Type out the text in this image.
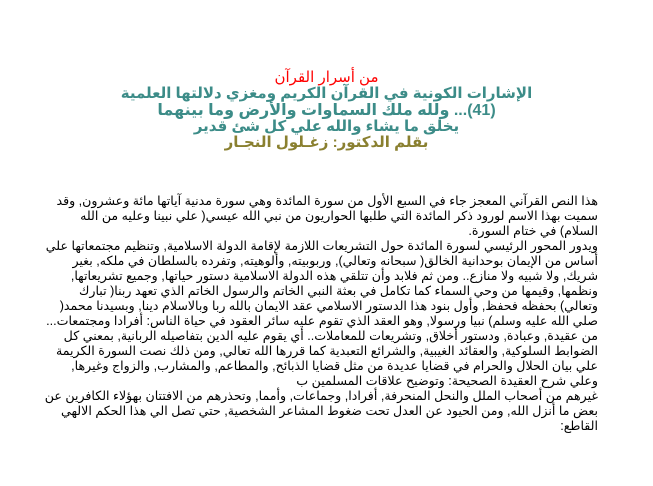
من أسرار القرآن
الإشارات الكونية في القرآن الكريم ومغزي دلالتها العلمية
(41)... ولله ملك السماوات والأرض وما بينهما
يخلق ما يشاء والله علي كل شئ قدير
بقلم الدكتور: زغـلول النجـار

هذا النص القرآني المعجز جاء في السبع الأول من سورة المائدة وهي سورة مدنية آياتها مائة وعشرون, وقد سميت بهذا الاسم لورود ذكر المائدة التي طلبها الحواريون من نبي الله عيسي( علي نبينا وعليه من الله السلام) في ختام السورة.

ويدور المحور الرئيسي لسورة المائدة حول التشريعات اللازمة لإقامة الدولة الاسلامية, وتنظيم مجتمعاتها علي أساس من الإيمان بوحدانية الخالق( سبحانه وتعالي), وربوبيته, وألوهيته, وتفرده بالسلطان في ملكه, بغير شريك, ولا شبيه ولا منازع.. ومن ثم فلابد وأن تتلقي هذه الدولة الاسلامية دستور حياتها, وجميع تشريعاتها, ونظمها, وقيمها من وحي السماء كما تكامل في بعثة النبي الخاتم والرسول الخاتم الذي تعهد ربنا( تبارك وتعالي) بحفظه فحفظ, وأول بنود هذا الدستور الاسلامي عقد الايمان بالله ربا وبالاسلام دينا, وبسيدنا محمد( صلي الله عليه وسلم) نبيا ورسولا, وهو العقد الذي تقوم عليه سائر العقود في حياة الناس: أفرادا ومجتمعات... من عقيدة, وعبادة, ودستور أخلاق, وتشريعات للمعاملات.. أي يقوم عليه الدين بتفاصيله الربانية, بمعني كل الضوابط السلوكية, والعقائد الغيبية, والشرائع التعبدية كما قررها الله تعالي, ومن ذلك نصت السورة الكريمة علي بيان الحلال والحرام في قضايا عديدة من مثل قضايا الذبائح, والمطاعم, والمشارب, والزواج وغيرها, وعلي شرح العقيدة الصحيحة: وتوضيح علاقات المسلمين ب

غيرهم من أصحاب الملل والنحل المنحرفة, أفرادا, وجماعات, وأمما, وتحذرهم من الافتتان بهؤلاء الكافرين عن بعض ما أنزل الله, ومن الحيود عن العدل تحت ضغوط المشاعر الشخصية, حتي تصل الي هذا الحكم الالهي القاطع:
